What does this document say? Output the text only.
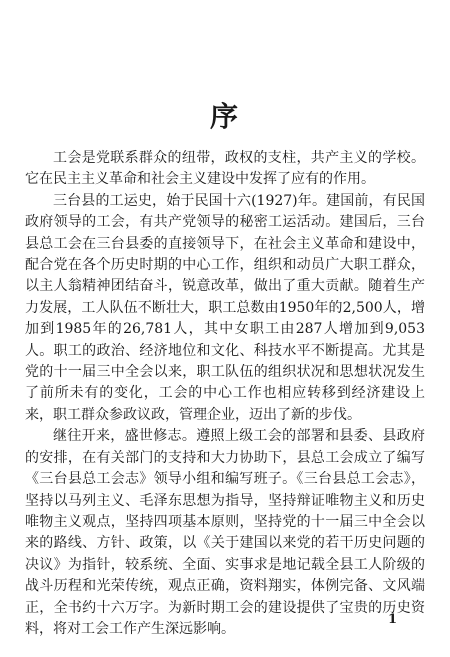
序

工会是党联系群众的纽带，政权的支柱，共产主义的学校。它在民主主义革命和社会主义建设中发挥了应有的作用。

三台县的工运史，始于民国十六(1927)年。建国前，有民国政府领导的工会，有共产党领导的秘密工运活动。建国后，三台县总工会在三台县委的直接领导下，在社会主义革命和建设中，配合党在各个历史时期的中心工作，组织和动员广大职工群众，以主人翁精神团结奋斗，锐意改革，做出了重大贡献。随着生产力发展，工人队伍不断壮大，职工总数由1950年的2,500人，增加到1985年的26,781人，其中女职工由287人增加到9,053人。职工的政治、经济地位和文化、科技水平不断提高。尤其是党的十一届三中全会以来，职工队伍的组织状况和思想状况发生了前所未有的变化，工会的中心工作也相应转移到经济建设上来，职工群众参政议政，管理企业，迈出了新的步伐。

继往开来，盛世修志。遵照上级工会的部署和县委、县政府的安排，在有关部门的支持和大力协助下，县总工会成立了编写《三台县总工会志》领导小组和编写班子。《三台县总工会志》，坚持以马列主义、毛泽东思想为指导，坚持辩证唯物主义和历史唯物主义观点，坚持四项基本原则，坚持党的十一届三中全会以来的路线、方针、政策，以《关于建国以来党的若干历史问题的决议》为指针，较系统、全面、实事求是地记载全县工人阶级的战斗历程和光荣传统，观点正确，资料翔实，体例完备、文风端正，全书约十六万字。为新时期工会的建设提供了宝贵的历史资料，将对工会工作产生深远影响。

1
